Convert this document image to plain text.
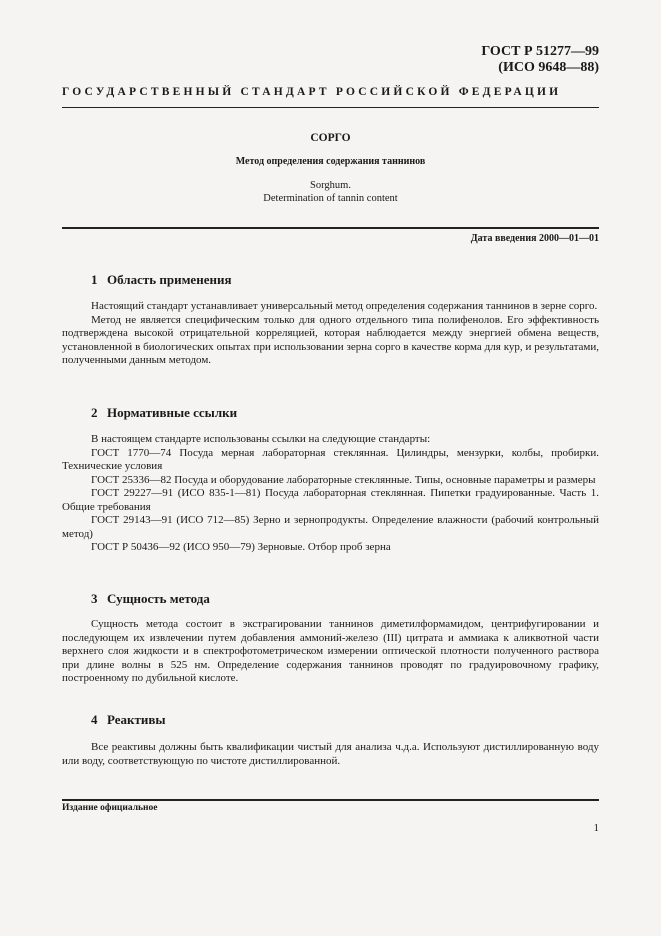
ГОСТ Р 51277—99
(ИСО 9648—88)
ГОСУДАРСТВЕННЫЙ СТАНДАРТ РОССИЙСКОЙ ФЕДЕРАЦИИ
СОРГО
Метод определения содержания таннинов
Sorghum.
Determination of tannin content
Дата введения 2000—01—01
1 Область применения

Настоящий стандарт устанавливает универсальный метод определения содержания таннинов в зерне сорго.

Метод не является специфическим только для одного отдельного типа полифенолов. Его эффективность подтверждена высокой отрицательной корреляцией, которая наблюдается между энергией обмена веществ, установленной в биологических опытах при использовании зерна сорго в качестве корма для кур, и результатами, полученными данным методом.

2 Нормативные ссылки

В настоящем стандарте использованы ссылки на следующие стандарты:

ГОСТ 1770—74 Посуда мерная лабораторная стеклянная. Цилиндры, мензурки, колбы, пробирки. Технические условия

ГОСТ 25336—82 Посуда и оборудование лабораторные стеклянные. Типы, основные параметры и размеры

ГОСТ 29227—91 (ИСО 835-1—81) Посуда лабораторная стеклянная. Пипетки градуированные. Часть 1. Общие требования

ГОСТ 29143—91 (ИСО 712—85) Зерно и зернопродукты. Определение влажности (рабочий контрольный метод)

ГОСТ Р 50436—92 (ИСО 950—79) Зерновые. Отбор проб зерна

3 Сущность метода

Сущность метода состоит в экстрагировании таннинов диметилформамидом, центрифугировании и последующем их извлечении путем добавления аммоний-железо (III) цитрата и аммиака к аликвотной части верхнего слоя жидкости и в спектрофотометрическом измерении оптической плотности полученного раствора при длине волны в 525 нм. Определение содержания таннинов проводят по градуировочному графику, построенному по дубильной кислоте.

4 Реактивы

Все реактивы должны быть квалификации чистый для анализа ч.д.а. Используют дистиллированную воду или воду, соответствующую по чистоте дистиллированной.

Издание официальное
1
